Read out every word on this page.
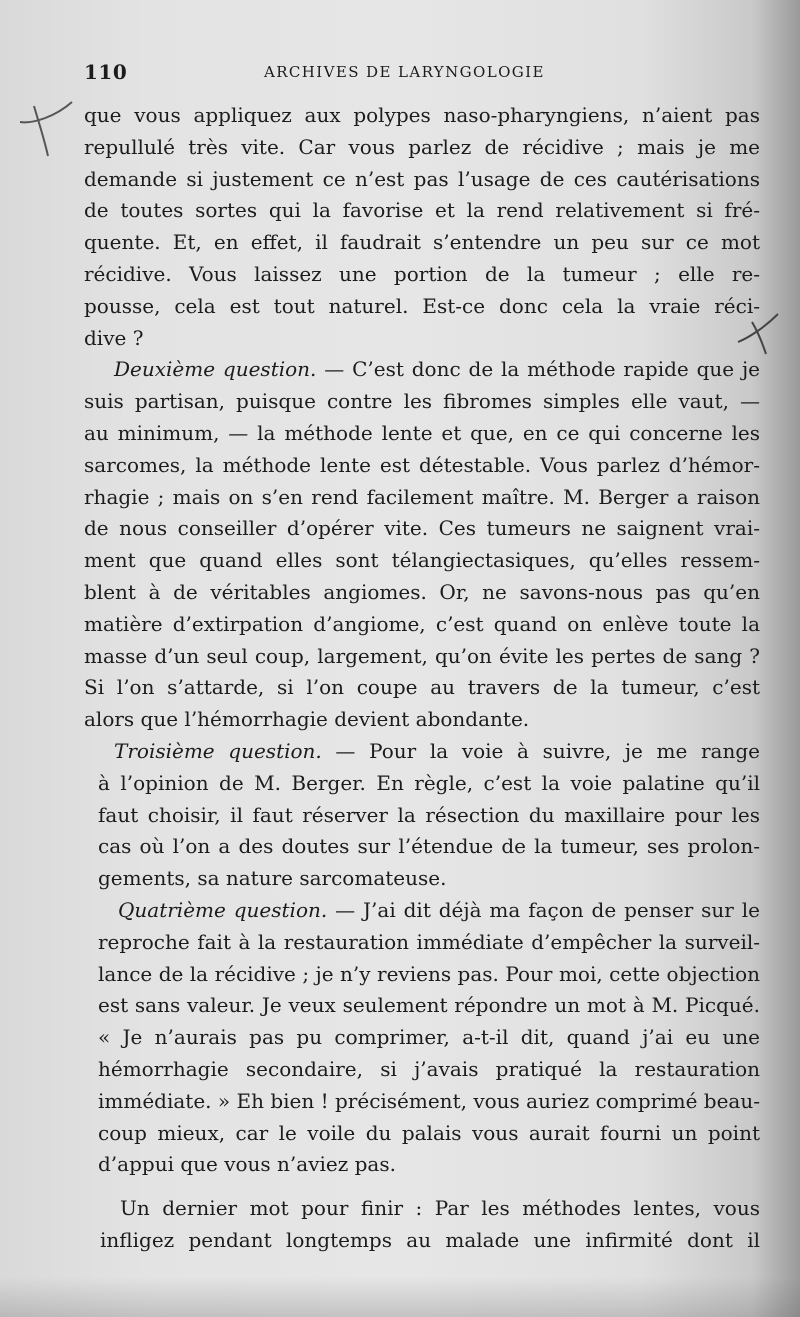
110	ARCHIVES DE LARYNGOLOGIE
que vous appliquez aux polypes naso-pharyngiens, n’aient pas
repullulé très vite. Car vous parlez de récidive ; mais je me
demande si justement ce n’est pas l’usage de ces cautérisations
de toutes sortes qui la favorise et la rend relativement si fré-
quente. Et, en effet, il faudrait s’entendre un peu sur ce mot
récidive. Vous laissez une portion de la tumeur ; elle re-
pousse, cela est tout naturel. Est-ce donc cela la vraie réci-
dive ?
Deuxième question. — C’est donc de la méthode rapide que je
suis partisan, puisque contre les fibromes simples elle vaut, —
au minimum, — la méthode lente et que, en ce qui concerne les
sarcomes, la méthode lente est détestable. Vous parlez d’hémor-
rhagie ; mais on s’en rend facilement maître. M. Berger a raison
de nous conseiller d’opérer vite. Ces tumeurs ne saignent vrai-
ment que quand elles sont télangiectasiques, qu’elles ressem-
blent à de véritables angiomes. Or, ne savons-nous pas qu’en
matière d’extirpation d’angiome, c’est quand on enlève toute la
masse d’un seul coup, largement, qu’on évite les pertes de sang ?
Si l’on s’attarde, si l’on coupe au travers de la tumeur, c’est
alors que l’hémorrhagie devient abondante.
Troisième question. — Pour la voie à suivre, je me range
à l’opinion de M. Berger. En règle, c’est la voie palatine qu’il
faut choisir, il faut réserver la résection du maxillaire pour les
cas où l’on a des doutes sur l’étendue de la tumeur, ses prolon-
gements, sa nature sarcomateuse.
Quatrième question. — J’ai dit déjà ma façon de penser sur le
reproche fait à la restauration immédiate d’empêcher la surveil-
lance de la récidive ; je n’y reviens pas. Pour moi, cette objection
est sans valeur. Je veux seulement répondre un mot à M. Picqué.
« Je n’aurais pas pu comprimer, a-t-il dit, quand j’ai eu une
hémorrhagie secondaire, si j’avais pratiqué la restauration
immédiate. » Eh bien ! précisément, vous auriez comprimé beau-
coup mieux, car le voile du palais vous aurait fourni un point
d’appui que vous n’aviez pas.
Un dernier mot pour finir : Par les méthodes lentes, vous
infligez pendant longtemps au malade une infirmité dont il
